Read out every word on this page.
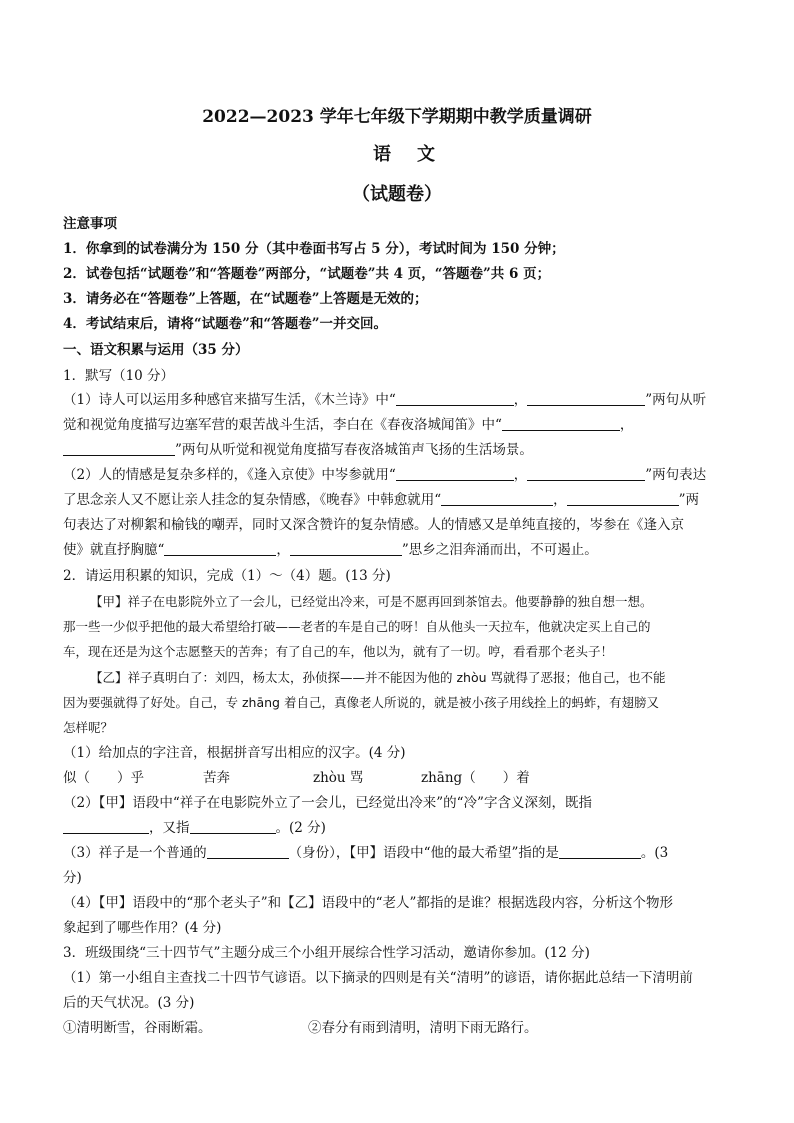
2022—2023 学年七年级下学期期中教学质量调研
语文
（试题卷）
注意事项
1．你拿到的试卷满分为 150 分（其中卷面书写占 5 分），考试时间为 150 分钟；
2．试卷包括“试题卷”和“答题卷”两部分，“试题卷”共 4 页，“答题卷”共 6 页；
3．请务必在“答题卷”上答题，在“试题卷”上答题是无效的；
4．考试结束后，请将“试题卷”和“答题卷”一并交回。
一、语文积累与运用（35 分）
1．默写（10 分）
（1）诗人可以运用多种感官来描写生活，《木兰诗》中“	，	”两句从听
觉和视觉角度描写边塞军营的艰苦战斗生活，李白在《春夜洛城闻笛》中“	，
”两句从听觉和视觉角度描写春夜洛城笛声飞扬的生活场景。
（2）人的情感是复杂多样的，《逢入京使》中岑参就用“	，	”两句表达
了思念亲人又不愿让亲人挂念的复杂情感，《晚春》中韩愈就用“	，	”两
句表达了对柳絮和榆钱的嘲弄，同时又深含赞许的复杂情感。人的情感又是单纯直接的，岑参在《逢入京
使》就直抒胸臆“	，	”思乡之泪奔涌而出，不可遏止。
2．请运用积累的知识，完成（1）～（4）题。(13 分)
【甲】祥子在电影院外立了一会儿，已经觉出冷来，可是不愿再回到茶馆去。他要静静的独自想一想。
那一些一少似乎把他的最大希望给打破——老者的车是自己的呀！自从他头一天拉车，他就决定买上自己的
车，现在还是为这个志愿整天的苦奔；有了自己的车，他以为，就有了一切。哼，看看那个老头子！
【乙】祥子真明白了：刘四，杨太太，孙侦探——并不能因为他的 zhòu 骂就得了恶报；他自己，也不能
因为要强就得了好处。自己，专 zhāng 着自己，真像老人所说的，就是被小孩子用线拴上的蚂蚱，有翅膀又
怎样呢？
（1）给加点的字注音，根据拼音写出相应的汉字。(4 分)
似（　　）乎	苦奔	zhòu 骂	zhāng（　　）着
（2）【甲】语段中“祥子在电影院外立了一会儿，已经觉出冷来”的“冷”字含义深刻，既指
，又指	。(2 分)
（3）祥子是一个普通的	（身份），【甲】语段中“他的最大希望”指的是	。(3
分)
（4）【甲】语段中的“那个老头子”和【乙】语段中的“老人”都指的是谁？根据选段内容，分析这个物形
象起到了哪些作用？(4 分)
3．班级围绕“三十四节气”主题分成三个小组开展综合性学习活动，邀请你参加。(12 分)
（1）第一小组自主查找二十四节气谚语。以下摘录的四则是有关“清明”的谚语，请你据此总结一下清明前
后的天气状况。(3 分)
①清明断雪，谷雨断霜。	②春分有雨到清明，清明下雨无路行。
